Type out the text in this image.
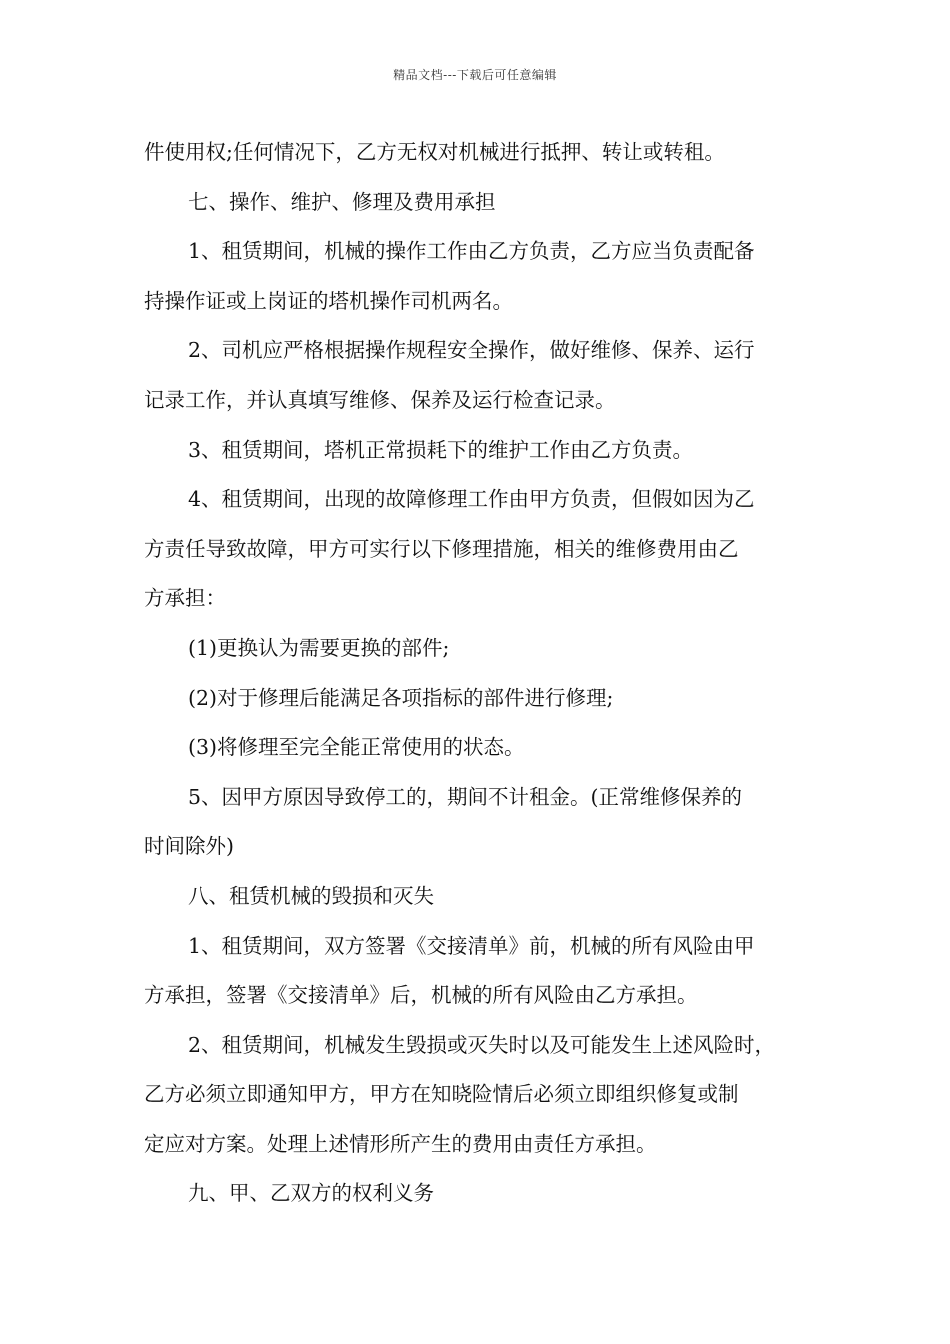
精品文档---下载后可任意编辑
件使用权;任何情况下，乙方无权对机械进行抵押、转让或转租。
七、操作、维护、修理及费用承担
1、租赁期间，机械的操作工作由乙方负责，乙方应当负责配备
持操作证或上岗证的塔机操作司机两名。
2、司机应严格根据操作规程安全操作，做好维修、保养、运行
记录工作，并认真填写维修、保养及运行检查记录。
3、租赁期间，塔机正常损耗下的维护工作由乙方负责。
4、租赁期间，出现的故障修理工作由甲方负责，但假如因为乙
方责任导致故障，甲方可实行以下修理措施，相关的维修费用由乙
方承担：
(1)更换认为需要更换的部件;
(2)对于修理后能满足各项指标的部件进行修理;
(3)将修理至完全能正常使用的状态。
5、因甲方原因导致停工的，期间不计租金。(正常维修保养的
时间除外)
八、租赁机械的毁损和灭失
1、租赁期间，双方签署《交接清单》前，机械的所有风险由甲
方承担，签署《交接清单》后，机械的所有风险由乙方承担。
2、租赁期间，机械发生毁损或灭失时以及可能发生上述风险时，
乙方必须立即通知甲方，甲方在知晓险情后必须立即组织修复或制
定应对方案。处理上述情形所产生的费用由责任方承担。
九、甲、乙双方的权利义务
